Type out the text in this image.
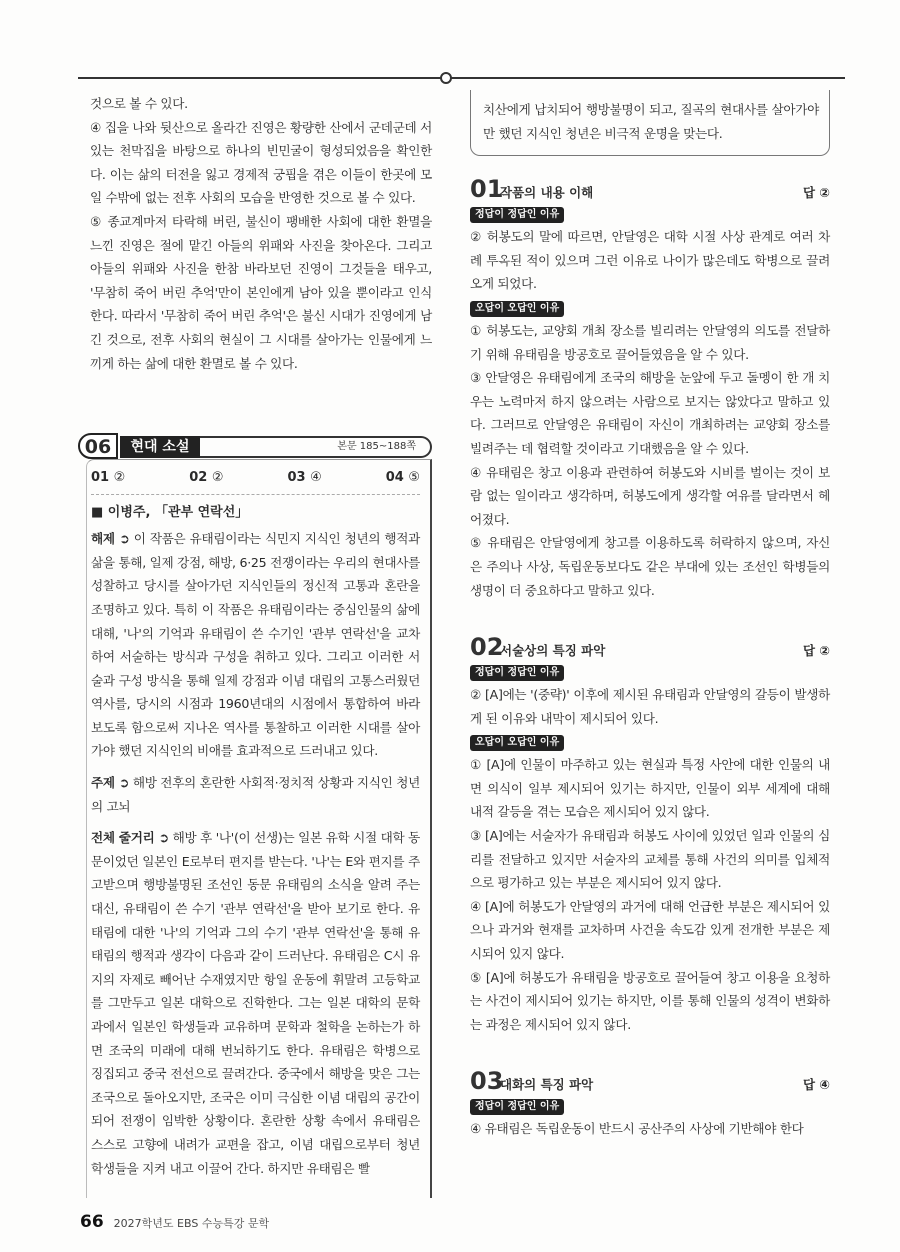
것으로 볼 수 있다.

④ 집을 나와 뒷산으로 올라간 진영은 황량한 산에서 군데군데 서 있는 천막집을 바탕으로 하나의 빈민굴이 형성되었음을 확인한다. 이는 삶의 터전을 잃고 경제적 궁핍을 겪은 이들이 한곳에 모일 수밖에 없는 전후 사회의 모습을 반영한 것으로 볼 수 있다.

⑤ 종교계마저 타락해 버린, 불신이 팽배한 사회에 대한 환멸을 느낀 진영은 절에 맡긴 아들의 위패와 사진을 찾아온다. 그리고 아들의 위패와 사진을 한참 바라보던 진영이 그것들을 태우고, '무참히 죽어 버린 추억'만이 본인에게 남아 있을 뿐이라고 인식한다. 따라서 '무참히 죽어 버린 추억'은 불신 시대가 진영에게 남긴 것으로, 전후 사회의 현실이 그 시대를 살아가는 인물에게 느끼게 하는 삶에 대한 환멸로 볼 수 있다.

06	현대 소설	본문 185~188쪽
01 ②	02 ②	03 ④	04 ⑤
■ 이병주, 「관부 연락선」

해제 ➲ 이 작품은 유태림이라는 식민지 지식인 청년의 행적과 삶을 통해, 일제 강점, 해방, 6·25 전쟁이라는 우리의 현대사를 성찰하고 당시를 살아가던 지식인들의 정신적 고통과 혼란을 조명하고 있다. 특히 이 작품은 유태림이라는 중심인물의 삶에 대해, '나'의 기억과 유태림이 쓴 수기인 '관부 연락선'을 교차하여 서술하는 방식과 구성을 취하고 있다. 그리고 이러한 서술과 구성 방식을 통해 일제 강점과 이념 대립의 고통스러웠던 역사를, 당시의 시점과 1960년대의 시점에서 통합하여 바라보도록 함으로써 지나온 역사를 통찰하고 이러한 시대를 살아가야 했던 지식인의 비애를 효과적으로 드러내고 있다.

주제 ➲ 해방 전후의 혼란한 사회적·정치적 상황과 지식인 청년의 고뇌

전체 줄거리 ➲ 해방 후 '나'(이 선생)는 일본 유학 시절 대학 동문이었던 일본인 E로부터 편지를 받는다. '나'는 E와 편지를 주고받으며 행방불명된 조선인 동문 유태림의 소식을 알려 주는 대신, 유태림이 쓴 수기 '관부 연락선'을 받아 보기로 한다. 유태림에 대한 '나'의 기억과 그의 수기 '관부 연락선'을 통해 유태림의 행적과 생각이 다음과 같이 드러난다. 유태림은 C시 유지의 자제로 빼어난 수재였지만 항일 운동에 휘말려 고등학교를 그만두고 일본 대학으로 진학한다. 그는 일본 대학의 문학과에서 일본인 학생들과 교유하며 문학과 철학을 논하는가 하면 조국의 미래에 대해 번뇌하기도 한다. 유태림은 학병으로 징집되고 중국 전선으로 끌려간다. 중국에서 해방을 맞은 그는 조국으로 돌아오지만, 조국은 이미 극심한 이념 대립의 공간이 되어 전쟁이 임박한 상황이다. 혼란한 상황 속에서 유태림은 스스로 고향에 내려가 교편을 잡고, 이념 대립으로부터 청년 학생들을 지켜 내고 이끌어 간다. 하지만 유태림은 빨

치산에게 납치되어 행방불명이 되고, 질곡의 현대사를 살아가야만 했던 지식인 청년은 비극적 운명을 맞는다.

01
작품의 내용 이해	답 ②
정답이 정답인 이유

② 허봉도의 말에 따르면, 안달영은 대학 시절 사상 관계로 여러 차례 투옥된 적이 있으며 그런 이유로 나이가 많은데도 학병으로 끌려오게 되었다.

오답이 오답인 이유

① 허봉도는, 교양회 개최 장소를 빌리려는 안달영의 의도를 전달하기 위해 유태림을 방공호로 끌어들였음을 알 수 있다.

③ 안달영은 유태림에게 조국의 해방을 눈앞에 두고 돌멩이 한 개 치우는 노력마저 하지 않으려는 사람으로 보지는 않았다고 말하고 있다. 그러므로 안달영은 유태림이 자신이 개최하려는 교양회 장소를 빌려주는 데 협력할 것이라고 기대했음을 알 수 있다.

④ 유태림은 창고 이용과 관련하여 허봉도와 시비를 벌이는 것이 보람 없는 일이라고 생각하며, 허봉도에게 생각할 여유를 달라면서 헤어졌다.

⑤ 유태림은 안달영에게 창고를 이용하도록 허락하지 않으며, 자신은 주의나 사상, 독립운동보다도 같은 부대에 있는 조선인 학병들의 생명이 더 중요하다고 말하고 있다.

02
서술상의 특징 파악	답 ②
정답이 정답인 이유

② [A]에는 '(중략)' 이후에 제시된 유태림과 안달영의 갈등이 발생하게 된 이유와 내막이 제시되어 있다.

오답이 오답인 이유

① [A]에 인물이 마주하고 있는 현실과 특정 사안에 대한 인물의 내면 의식이 일부 제시되어 있기는 하지만, 인물이 외부 세계에 대해 내적 갈등을 겪는 모습은 제시되어 있지 않다.

③ [A]에는 서술자가 유태림과 허봉도 사이에 있었던 일과 인물의 심리를 전달하고 있지만 서술자의 교체를 통해 사건의 의미를 입체적으로 평가하고 있는 부분은 제시되어 있지 않다.

④ [A]에 허봉도가 안달영의 과거에 대해 언급한 부분은 제시되어 있으나 과거와 현재를 교차하며 사건을 속도감 있게 전개한 부분은 제시되어 있지 않다.

⑤ [A]에 허봉도가 유태림을 방공호로 끌어들여 창고 이용을 요청하는 사건이 제시되어 있기는 하지만, 이를 통해 인물의 성격이 변화하는 과정은 제시되어 있지 않다.

03
대화의 특징 파악	답 ④
정답이 정답인 이유

④ 유태림은 독립운동이 반드시 공산주의 사상에 기반해야 한다

66 2027학년도 EBS 수능특강 문학
